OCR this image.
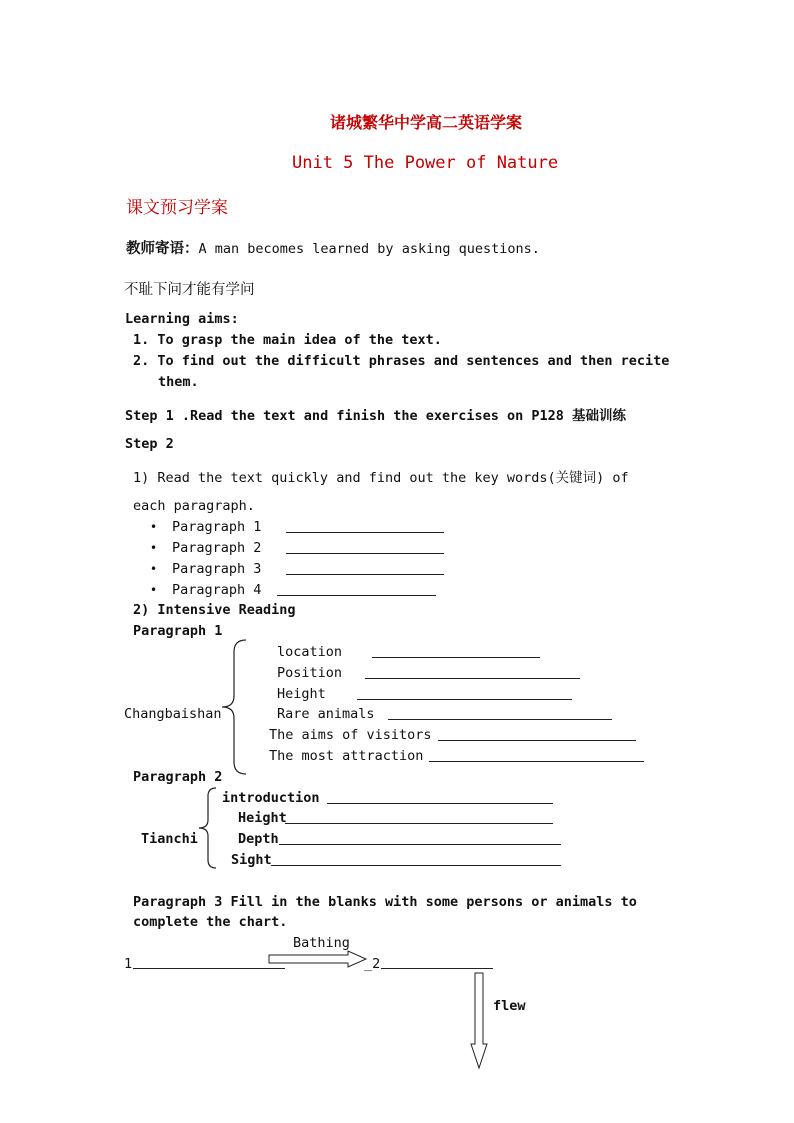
诸城繁华中学高二英语学案
Unit 5 The Power of Nature
课文预习学案
教师寄语：A man becomes learned by asking questions.
不耻下问才能有学问
Learning aims:
1. To grasp the main idea of the text.
2. To find out the difficult phrases and sentences and then recite
them.
Step 1 .Read the text and finish the exercises on P128 基础训练
Step 2
1) Read the text quickly and find out the key words(关键词) of
each paragraph.
• Paragraph 1
• Paragraph 2
• Paragraph 3
• Paragraph 4
2) Intensive Reading
Paragraph 1
Changbaishan
location
Position
Height
Rare animals
The aims of visitors
The most attraction
Paragraph 2
Tianchi
introduction
Height
Depth
Sight
Paragraph 3 Fill in the blanks with some persons or animals to
complete the chart.
Bathing
1	_2
flew
